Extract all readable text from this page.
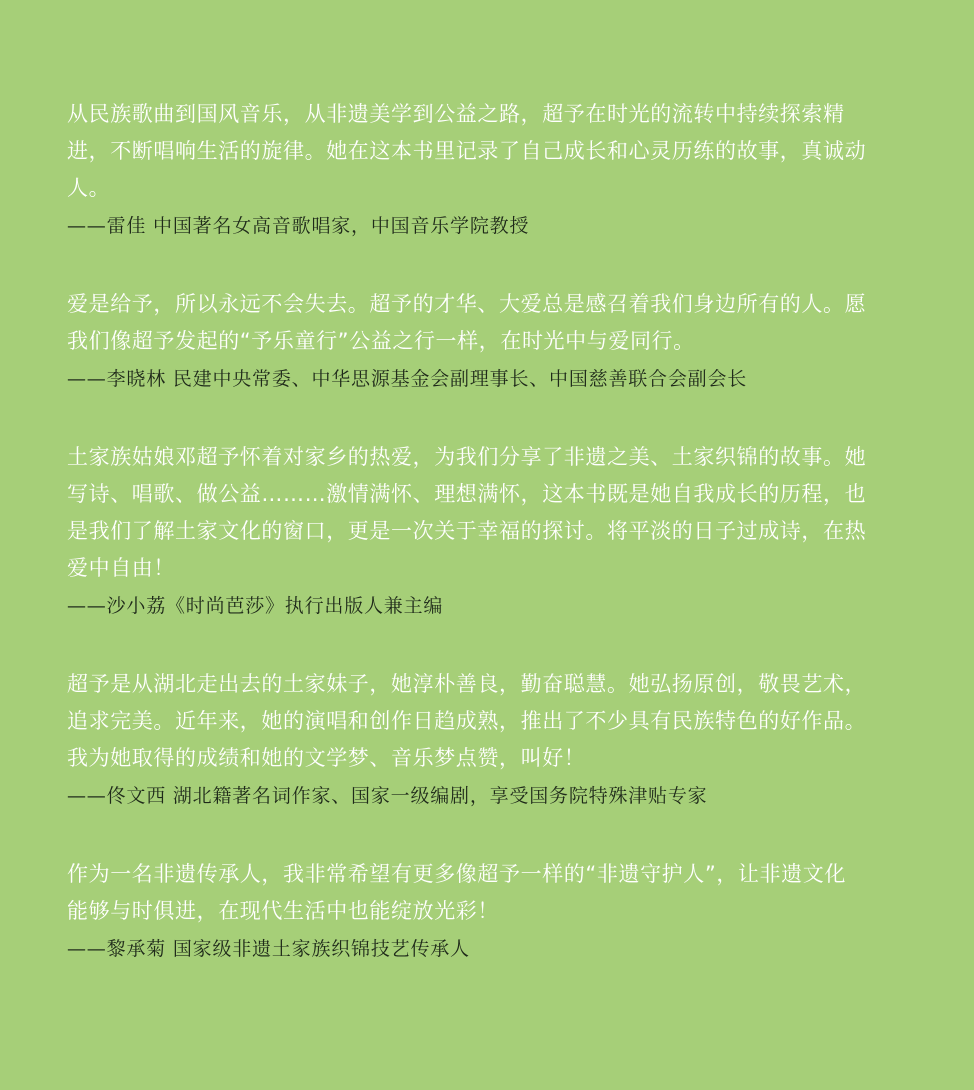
从民族歌曲到国风音乐，从非遗美学到公益之路，超予在时光的流转中持续探索精进，不断唱响生活的旋律。她在这本书里记录了自己成长和心灵历练的故事，真诚动人。

——雷佳 中国著名女高音歌唱家，中国音乐学院教授

爱是给予，所以永远不会失去。超予的才华、大爱总是感召着我们身边所有的人。愿我们像超予发起的“予乐童行”公益之行一样，在时光中与爱同行。

——李晓林 民建中央常委、中华思源基金会副理事长、中国慈善联合会副会长

土家族姑娘邓超予怀着对家乡的热爱，为我们分享了非遗之美、土家织锦的故事。她写诗、唱歌、做公益………激情满怀、理想满怀，这本书既是她自我成长的历程，也是我们了解土家文化的窗口，更是一次关于幸福的探讨。将平淡的日子过成诗，在热爱中自由！

——沙小荔《时尚芭莎》执行出版人兼主编

超予是从湖北走出去的土家妹子，她淳朴善良，勤奋聪慧。她弘扬原创，敬畏艺术，追求完美。近年来，她的演唱和创作日趋成熟，推出了不少具有民族特色的好作品。我为她取得的成绩和她的文学梦、音乐梦点赞，叫好！

——佟文西 湖北籍著名词作家、国家一级编剧，享受国务院特殊津贴专家

作为一名非遗传承人，我非常希望有更多像超予一样的“非遗守护人”，让非遗文化能够与时俱进，在现代生活中也能绽放光彩！

——黎承菊 国家级非遗土家族织锦技艺传承人
